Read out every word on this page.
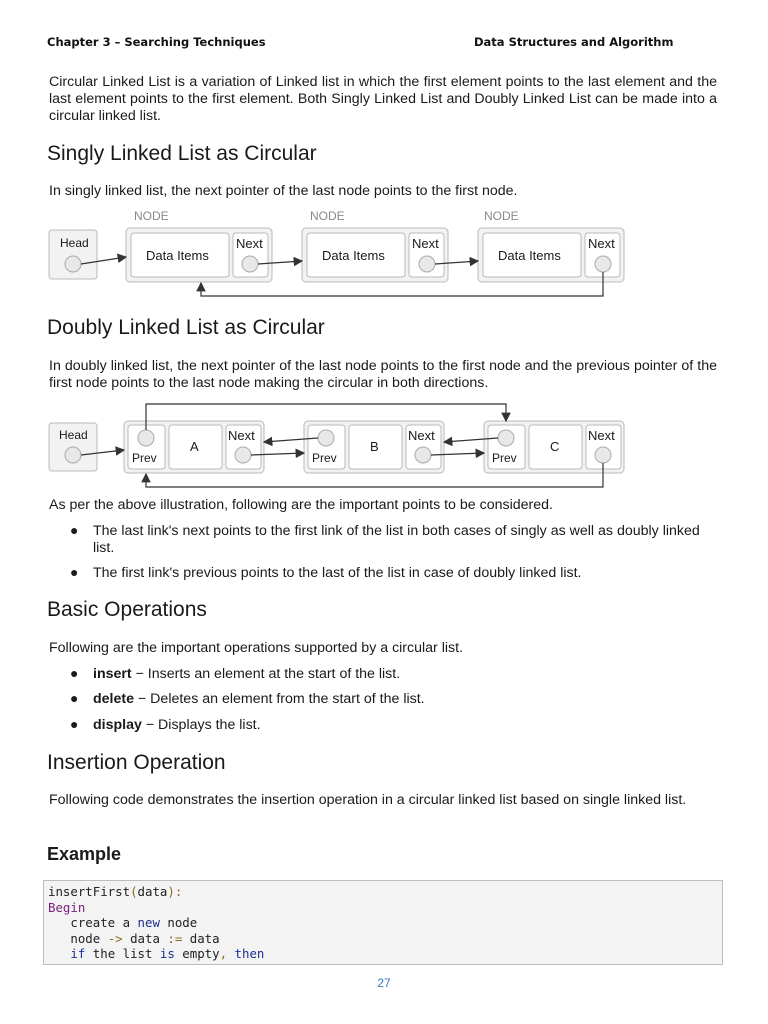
Chapter 3 – Searching Techniques	Data Structures and Algorithm
Circular Linked List is a variation of Linked list in which the first element points to the last element and the last element points to the first element. Both Singly Linked List and Doubly Linked List can be made into a circular linked list.
Singly Linked List as Circular
In singly linked list, the next pointer of the last node points to the first node.
NODE	NODE	NODE
Head
Data Items
Next
Data Items
Next
Data Items
Next
Doubly Linked List as Circular
In doubly linked list, the next pointer of the last node points to the first node and the previous pointer of the first node points to the last node making the circular in both directions.
Head
Prev
A
Next
Prev
B
Next
Prev
C
Next
As per the above illustration, following are the important points to be considered.
● The last link's next points to the first link of the list in both cases of singly as well as doubly linked list.
● The first link's previous points to the last of the list in case of doubly linked list.
Basic Operations
Following are the important operations supported by a circular list.
● insert − Inserts an element at the start of the list.
● delete − Deletes an element from the start of the list.
● display − Displays the list.
Insertion Operation
Following code demonstrates the insertion operation in a circular linked list based on single linked list.
Example
insertFirst(data):
Begin
create a new node
node -> data := data
if the list is empty, then
27
